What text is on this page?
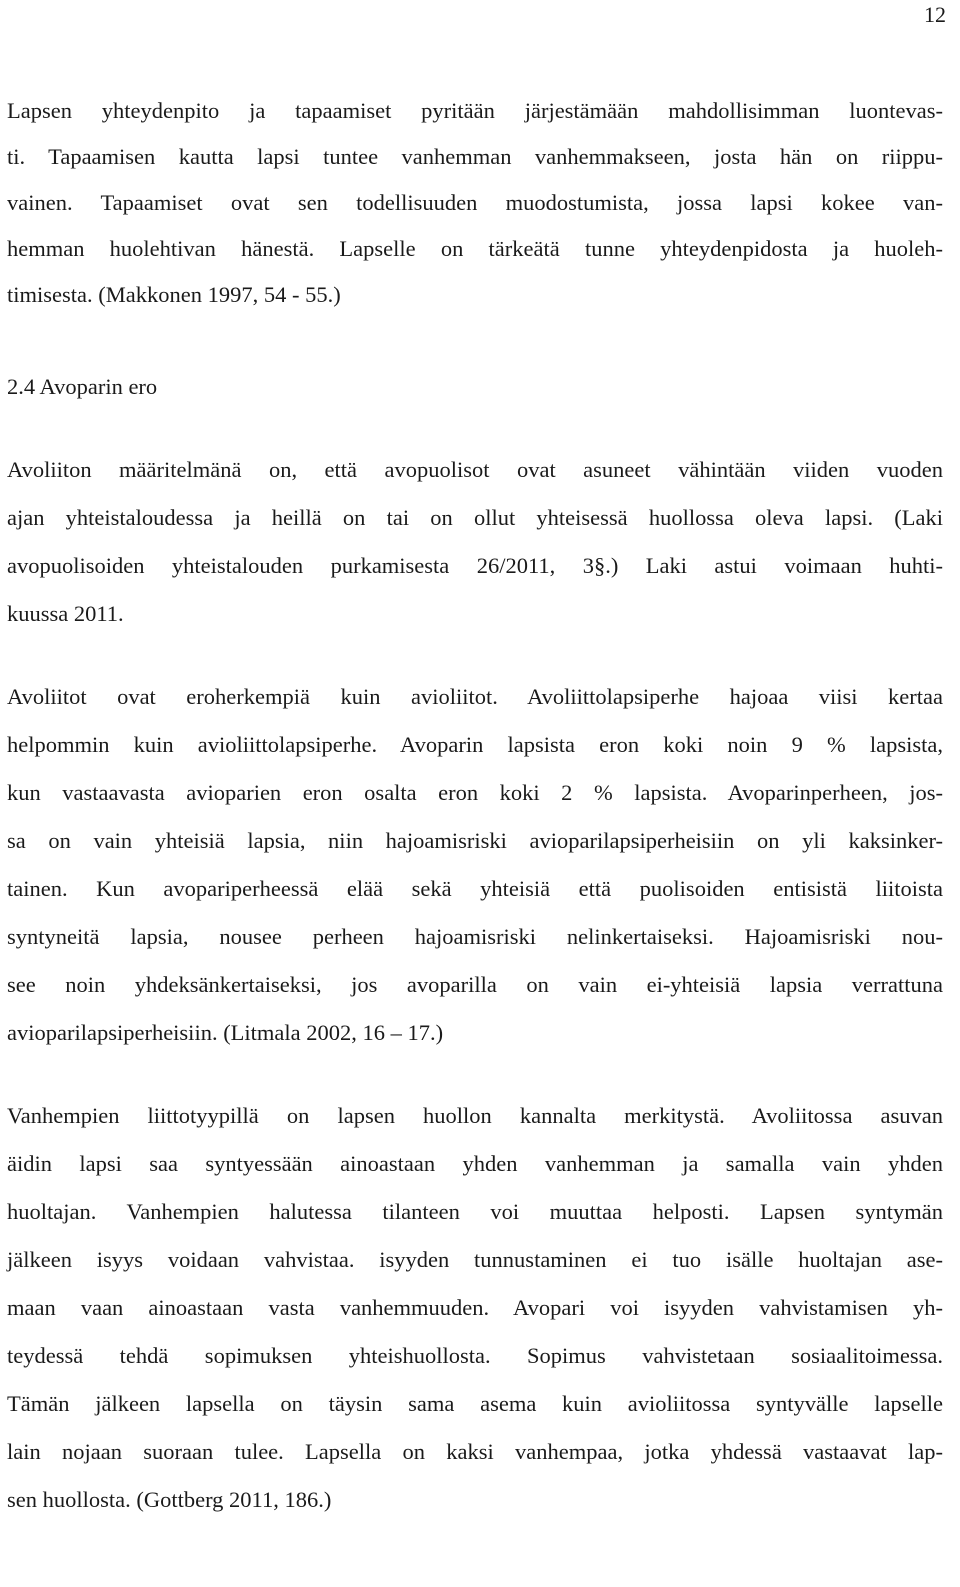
12

Lapsen yhteydenpito ja tapaamiset pyritään järjestämään mahdollisimman luontevas-
ti. Tapaamisen kautta lapsi tuntee vanhemman vanhemmakseen, josta hän on riippu-
vainen. Tapaamiset ovat sen todellisuuden muodostumista, jossa lapsi kokee van-
hemman huolehtivan hänestä. Lapselle on tärkeätä tunne yhteydenpidosta ja huoleh-
timisesta. (Makkonen 1997, 54 - 55.)

2.4 Avoparin ero

Avoliiton määritelmänä on, että avopuolisot ovat asuneet vähintään viiden vuoden
ajan yhteistaloudessa ja heillä on tai on ollut yhteisessä huollossa oleva lapsi. (Laki
avopuolisoiden yhteistalouden purkamisesta 26/2011, 3§.) Laki astui voimaan huhti-
kuussa 2011.

Avoliitot ovat eroherkempiä kuin avioliitot. Avoliittolapsiperhe hajoaa viisi kertaa
helpommin kuin avioliittolapsiperhe. Avoparin lapsista eron koki noin 9 % lapsista,
kun vastaavasta avioparien eron osalta eron koki 2 % lapsista. Avoparinperheen, jos-
sa on vain yhteisiä lapsia, niin hajoamisriski avioparilapsiperheisiin on yli kaksinker-
tainen. Kun avopariperheessä elää sekä yhteisiä että puolisoiden entisistä liitoista
syntyneitä lapsia, nousee perheen hajoamisriski nelinkertaiseksi. Hajoamisriski nou-
see noin yhdeksänkertaiseksi, jos avoparilla on vain ei-yhteisiä lapsia verrattuna
avioparilapsiperheisiin. (Litmala 2002, 16 – 17.)

Vanhempien liittotyypillä on lapsen huollon kannalta merkitystä. Avoliitossa asuvan
äidin lapsi saa syntyessään ainoastaan yhden vanhemman ja samalla vain yhden
huoltajan. Vanhempien halutessa tilanteen voi muuttaa helposti. Lapsen syntymän
jälkeen isyys voidaan vahvistaa. isyyden tunnustaminen ei tuo isälle huoltajan ase-
maan vaan ainoastaan vasta vanhemmuuden. Avopari voi isyyden vahvistamisen yh-
teydessä tehdä sopimuksen yhteishuollosta. Sopimus vahvistetaan sosiaalitoimessa.
Tämän jälkeen lapsella on täysin sama asema kuin avioliitossa syntyvälle lapselle
lain nojaan suoraan tulee. Lapsella on kaksi vanhempaa, jotka yhdessä vastaavat lap-
sen huollosta. (Gottberg 2011, 186.)
